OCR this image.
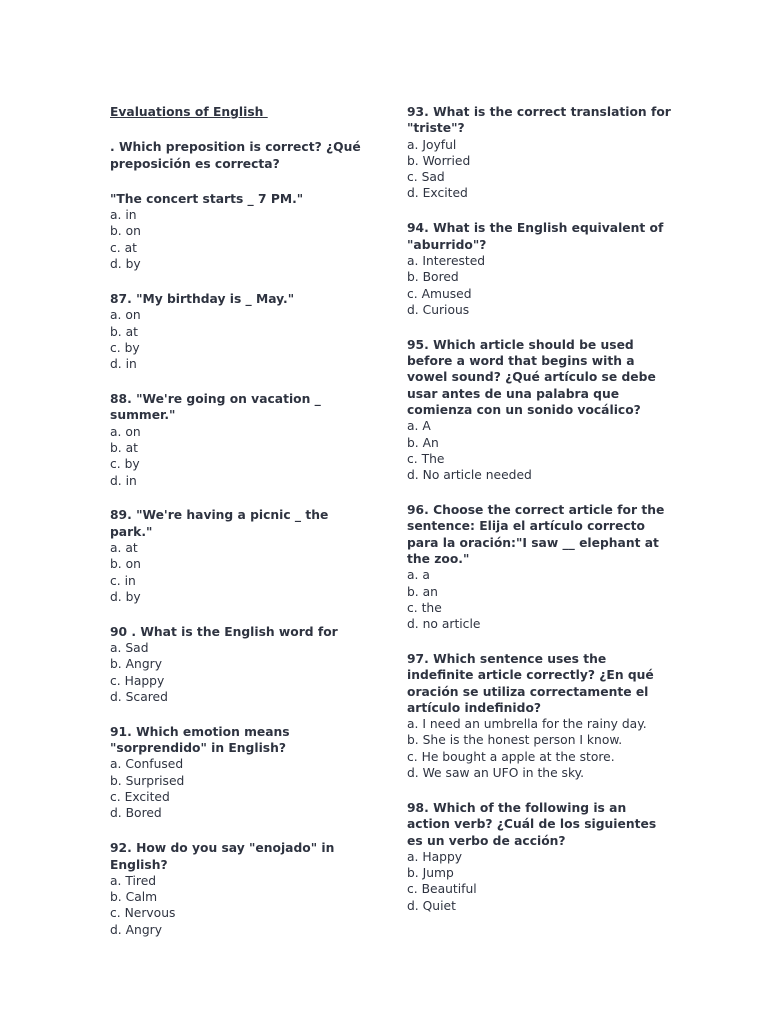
Evaluations of English

. Which preposition is correct? ¿Qué preposición es correcta?

"The concert starts _ 7 PM."

a. in
b. on
c. at
d. by

87. "My birthday is _ May."

a. on
b. at
c. by
d. in

88. "We're going on vacation _ summer."

a. on
b. at
c. by
d. in

89. "We're having a picnic _ the park."

a. at
b. on
c. in
d. by

90 . What is the English word for

a. Sad
b. Angry
c. Happy
d. Scared

91. Which emotion means "sorprendido" in English?

a. Confused
b. Surprised
c. Excited
d. Bored

92. How do you say "enojado" in English?

a. Tired
b. Calm
c. Nervous
d. Angry

93. What is the correct translation for "triste"?

a. Joyful
b. Worried
c. Sad
d. Excited

94. What is the English equivalent of "aburrido"?

a. Interested
b. Bored
c. Amused
d. Curious

95. Which article should be used before a word that begins with a vowel sound? ¿Qué artículo se debe usar antes de una palabra que comienza con un sonido vocálico?

a. A
b. An
c. The
d. No article needed

96. Choose the correct article for the sentence: Elija el artículo correcto para la oración:"I saw __ elephant at the zoo."

a. a
b. an
c. the
d. no article

97. Which sentence uses the indefinite article correctly? ¿En qué oración se utiliza correctamente el artículo indefinido?

a. I need an umbrella for the rainy day.
b. She is the honest person I know.
c. He bought a apple at the store.
d. We saw an UFO in the sky.

98. Which of the following is an action verb? ¿Cuál de los siguientes es un verbo de acción?

a. Happy
b. Jump
c. Beautiful
d. Quiet
